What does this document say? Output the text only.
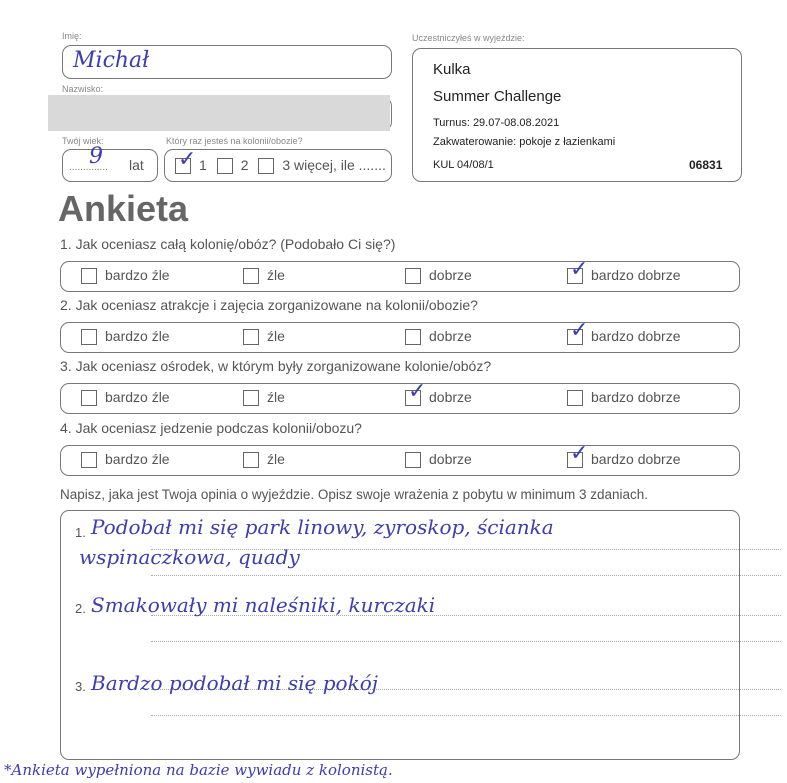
Imię:
Michał
Nazwisko:
Twój wiek:
..............
9 lat
Który raz jesteś na kolonii/obozie?
✓ 1 2 3 więcej, ile .......
Uczestniczyłeś w wyjeździe:
Kulka
Summer Challenge
Turnus: 29.07-08.08.2021
Zakwaterowanie: pokoje z łazienkami
KUL 04/08/1	06831
Ankieta
1. Jak oceniasz całą kolonię/obóz? (Podobało Ci się?)
bardzo źle	źle	dobrze	✓ bardzo dobrze
2. Jak oceniasz atrakcje i zajęcia zorganizowane na kolonii/obozie?
bardzo źle	źle	dobrze	✓ bardzo dobrze
3. Jak oceniasz ośrodek, w którym były zorganizowane kolonie/obóz?
bardzo źle	źle	✓ dobrze	bardzo dobrze
4. Jak oceniasz jedzenie podczas kolonii/obozu?
bardzo źle	źle	dobrze	✓ bardzo dobrze
Napisz, jaka jest Twoja opinia o wyjeździe. Opisz swoje wrażenia z pobytu w minimum 3 zdaniach.
1. Podobał mi się park linowy, zyroskop, ścianka
wspinaczkowa, quady
2. Smakowały mi naleśniki, kurczaki
3. Bardzo podobał mi się pokój
*Ankieta wypełniona na bazie wywiadu z kolonistą.
